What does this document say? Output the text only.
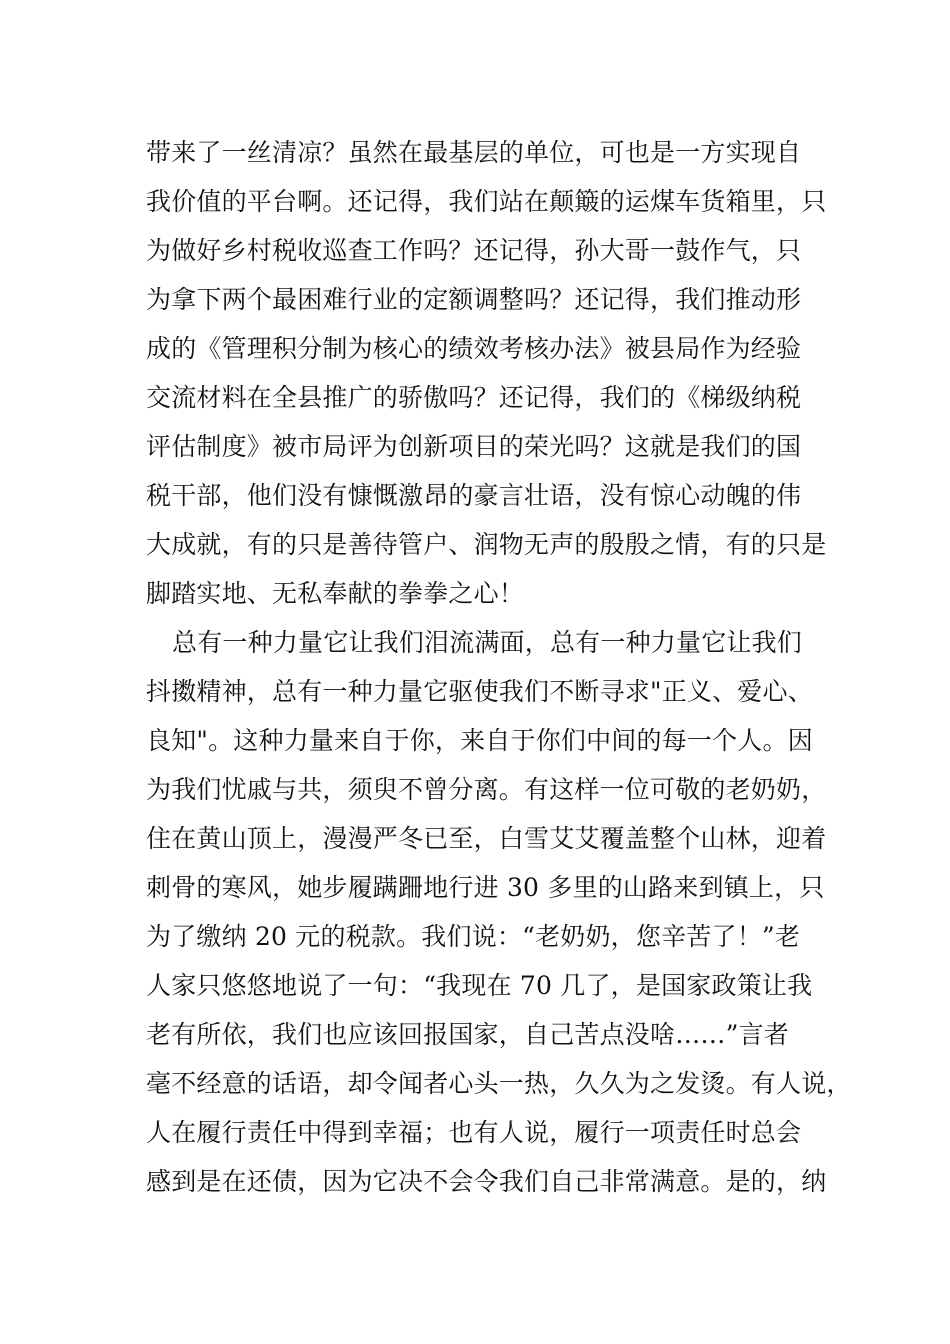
带来了一丝清凉？虽然在最基层的单位，可也是一方实现自
我价值的平台啊。还记得，我们站在颠簸的运煤车货箱里，只
为做好乡村税收巡查工作吗？还记得，孙大哥一鼓作气，只
为拿下两个最困难行业的定额调整吗？还记得，我们推动形
成的《管理积分制为核心的绩效考核办法》被县局作为经验
交流材料在全县推广的骄傲吗？还记得，我们的《梯级纳税
评估制度》被市局评为创新项目的荣光吗？这就是我们的国
税干部，他们没有慷慨激昂的豪言壮语，没有惊心动魄的伟
大成就，有的只是善待管户、润物无声的殷殷之情，有的只是
脚踏实地、无私奉献的拳拳之心！
总有一种力量它让我们泪流满面，总有一种力量它让我们
抖擞精神，总有一种力量它驱使我们不断寻求"正义、爱心、
良知"。这种力量来自于你，来自于你们中间的每一个人。因
为我们忧戚与共，须臾不曾分离。有这样一位可敬的老奶奶，
住在黄山顶上，漫漫严冬已至，白雪艾艾覆盖整个山林，迎着
刺骨的寒风，她步履蹒跚地行进 30 多里的山路来到镇上，只
为了缴纳 20 元的税款。我们说：“老奶奶，您辛苦了！”老
人家只悠悠地说了一句：“我现在 70 几了，是国家政策让我
老有所依，我们也应该回报国家，自己苦点没啥……”言者
毫不经意的话语，却令闻者心头一热，久久为之发烫。有人说，
人在履行责任中得到幸福；也有人说，履行一项责任时总会
感到是在还债，因为它决不会令我们自己非常满意。是的，纳
